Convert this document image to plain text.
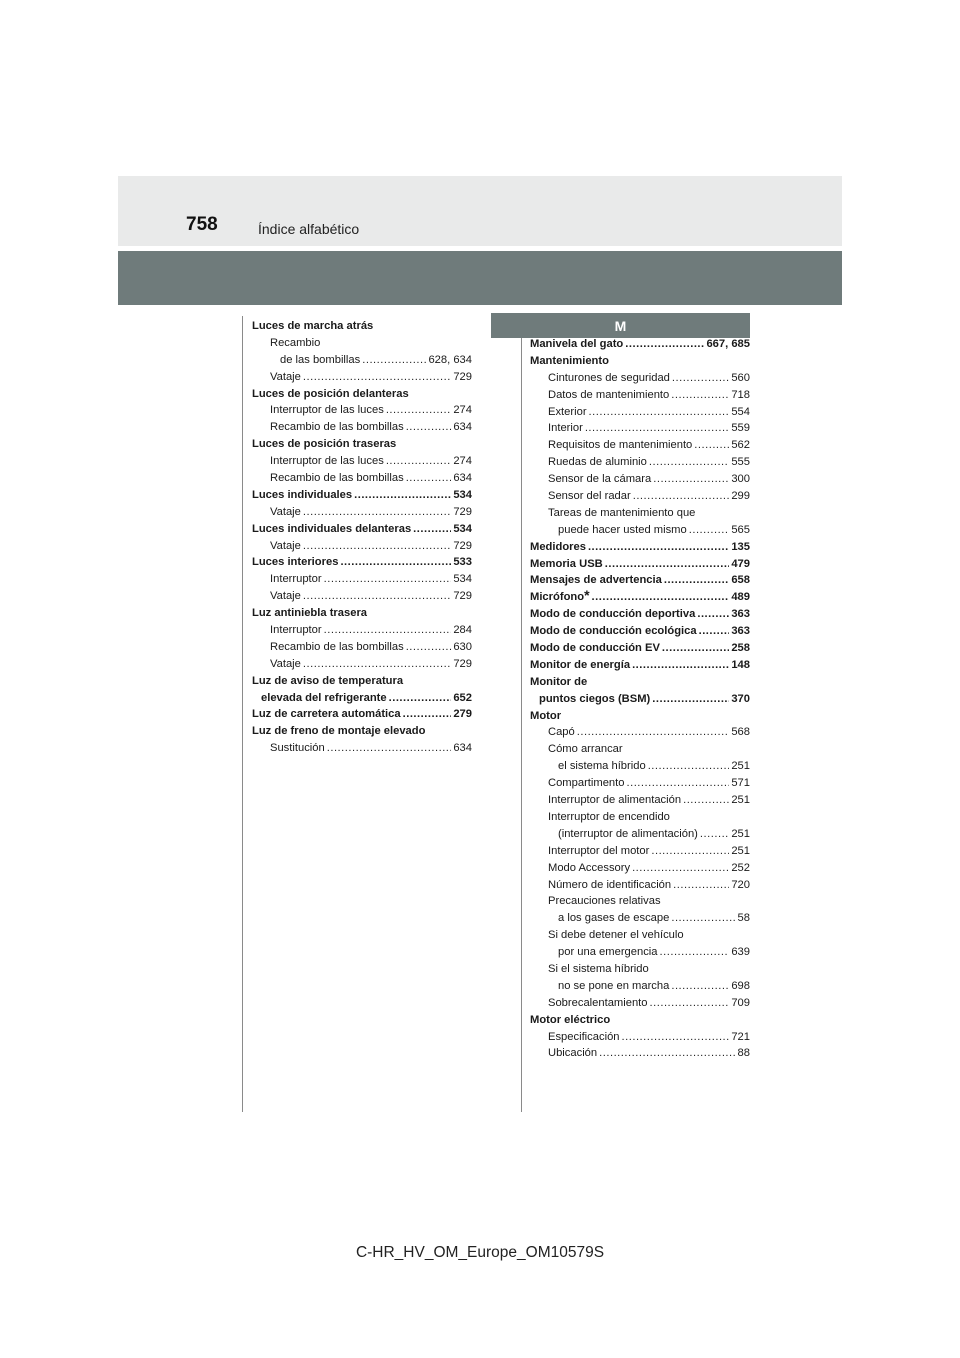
758	Índice alfabético
M
Luces de marcha atrás
Recambio
de las bombillas .....	628, 634
Vataje .....	729
Luces de posición delanteras
Interruptor de las luces .....	274
Recambio de las bombillas .....	634
Luces de posición traseras
Interruptor de las luces .....	274
Recambio de las bombillas .....	634
Luces individuales .....	534
Vataje .....	729
Luces individuales delanteras .....	534
Vataje .....	729
Luces interiores .....	533
Interruptor .....	534
Vataje .....	729
Luz antiniebla trasera
Interruptor .....	284
Recambio de las bombillas .....	630
Vataje .....	729
Luz de aviso de temperatura
elevada del refrigerante .....	652
Luz de carretera automática .....	279
Luz de freno de montaje elevado
Sustitución .....	634
Manivela del gato .....	667, 685
Mantenimiento
Cinturones de seguridad .....	560
Datos de mantenimiento .....	718
Exterior .....	554
Interior .....	559
Requisitos de mantenimiento .....	562
Ruedas de aluminio .....	555
Sensor de la cámara .....	300
Sensor del radar .....	299
Tareas de mantenimiento que
puede hacer usted mismo .....	565
Medidores .....	135
Memoria USB .....	479
Mensajes de advertencia .....	658
Micrófono * .....	489
Modo de conducción deportiva .....	363
Modo de conducción ecológica .....	363
Modo de conducción EV .....	258
Monitor de energía .....	148
Monitor de
puntos ciegos (BSM) .....	370
Motor
Capó .....	568
Cómo arrancar
el sistema híbrido .....	251
Compartimento .....	571
Interruptor de alimentación .....	251
Interruptor de encendido
(interruptor de alimentación) .....	251
Interruptor del motor .....	251
Modo Accessory .....	252
Número de identificación .....	720
Precauciones relativas
a los gases de escape .....	58
Si debe detener el vehículo
por una emergencia .....	639
Si el sistema híbrido
no se pone en marcha .....	698
Sobrecalentamiento .....	709
Motor eléctrico
Especificación .....	721
Ubicación .....	88
C-HR_HV_OM_Europe_OM10579S
